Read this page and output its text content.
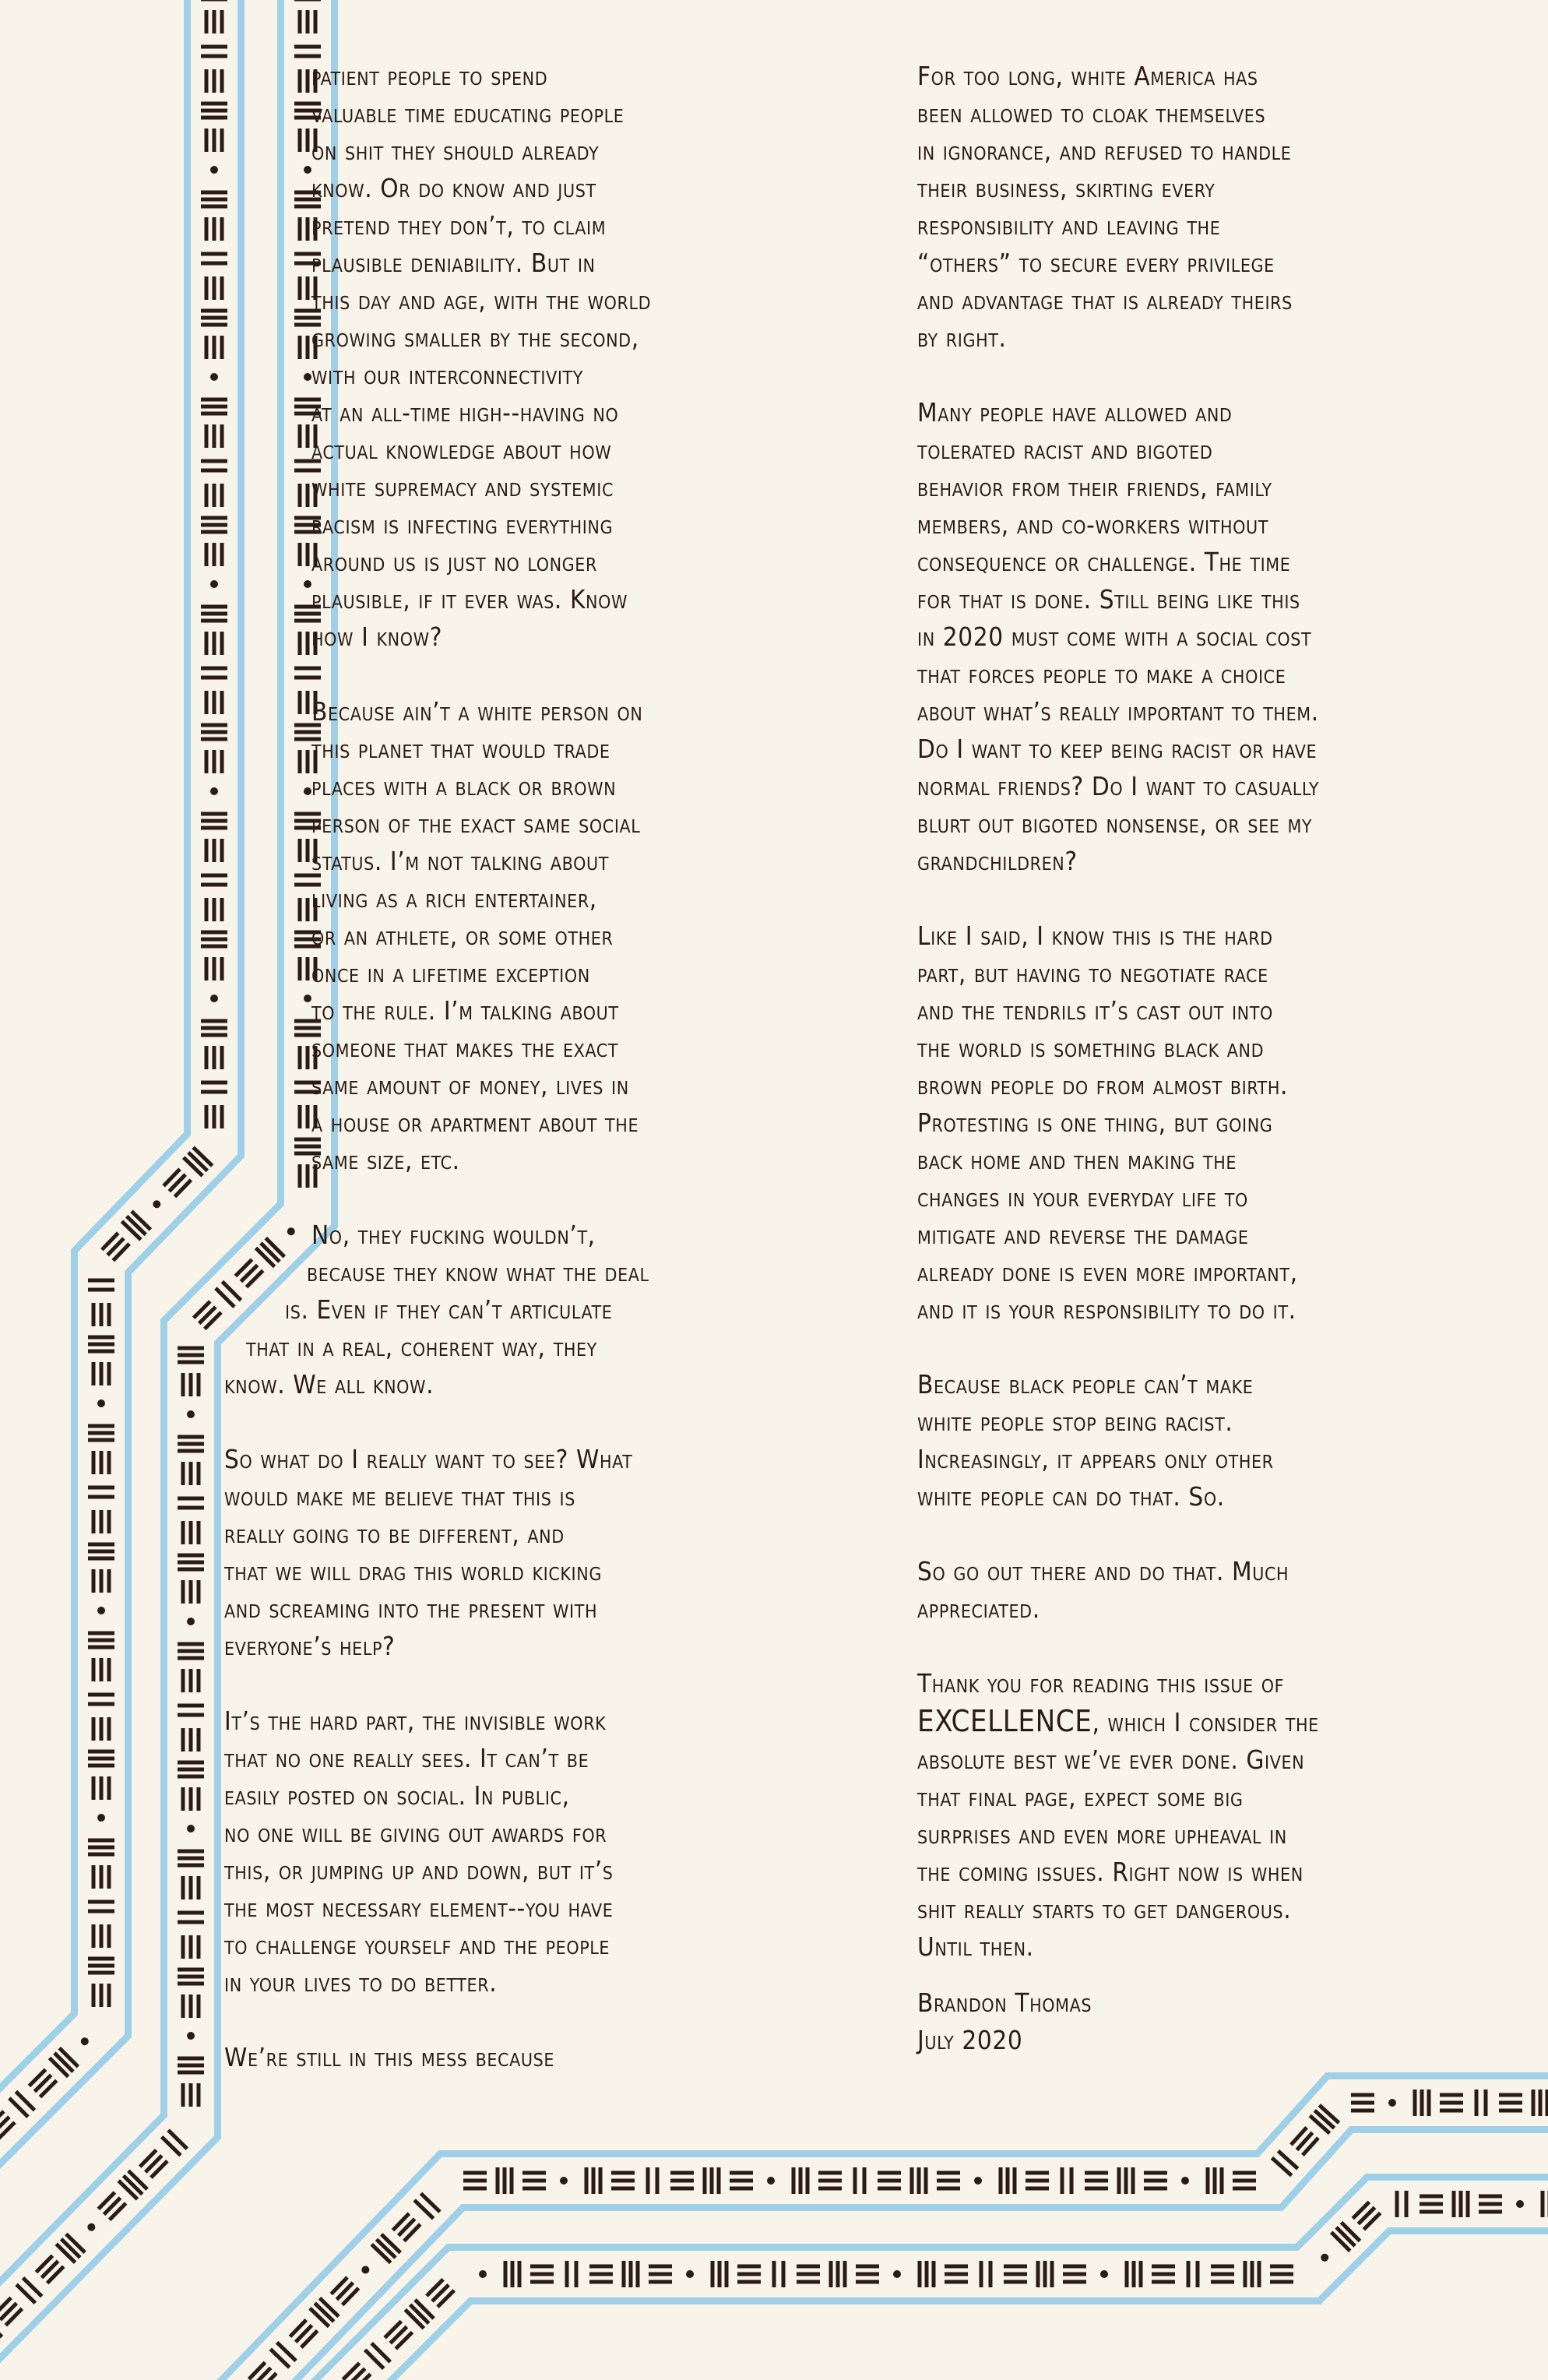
patient people to spend
valuable time educating people
on shit they should already
know. Or do know and just
pretend they don’t, to claim
plausible deniability. But in
this day and age, with the world
growing smaller by the second,
with our interconnectivity
at an all-time high--having no
actual knowledge about how
white supremacy and systemic
racism is infecting everything
around us is just no longer
plausible, if it ever was. Know
how I know?
Because ain’t a white person on
this planet that would trade
places with a black or brown
person of the exact same social
status. I’m not talking about
living as a rich entertainer,
or an athlete, or some other
once in a lifetime exception
to the rule. I’m talking about
someone that makes the exact
same amount of money, lives in
a house or apartment about the
same size, etc.
No, they fucking wouldn’t,
because they know what the deal
is. Even if they can’t articulate
that in a real, coherent way, they
know. We all know.
So what do I really want to see? What
would make me believe that this is
really going to be different, and
that we will drag this world kicking
and screaming into the present with
everyone’s help?
It’s the hard part, the invisible work
that no one really sees. It can’t be
easily posted on social. In public,
no one will be giving out awards for
this, or jumping up and down, but it’s
the most necessary element--you have
to challenge yourself and the people
in your lives to do better.
We’re still in this mess because
For too long, white America has
been allowed to cloak themselves
in ignorance, and refused to handle
their business, skirting every
responsibility and leaving the
“others” to secure every privilege
and advantage that is already theirs
by right.
Many people have allowed and
tolerated racist and bigoted
behavior from their friends, family
members, and co-workers without
consequence or challenge. The time
for that is done. Still being like this
in 2020 must come with a social cost
that forces people to make a choice
about what’s really important to them.
Do I want to keep being racist or have
normal friends? Do I want to casually
blurt out bigoted nonsense, or see my
grandchildren?
Like I said, I know this is the hard
part, but having to negotiate race
and the tendrils it’s cast out into
the world is something black and
brown people do from almost birth.
Protesting is one thing, but going
back home and then making the
changes in your everyday life to
mitigate and reverse the damage
already done is even more important,
and it is your responsibility to do it.
Because black people can’t make
white people stop being racist.
Increasingly, it appears only other
white people can do that. So.
So go out there and do that. Much
appreciated.
Thank you for reading this issue of
EXCELLENCE, which I consider the
absolute best we’ve ever done. Given
that final page, expect some big
surprises and even more upheaval in
the coming issues. Right now is when
shit really starts to get dangerous.
Until then.
Brandon Thomas
July 2020
